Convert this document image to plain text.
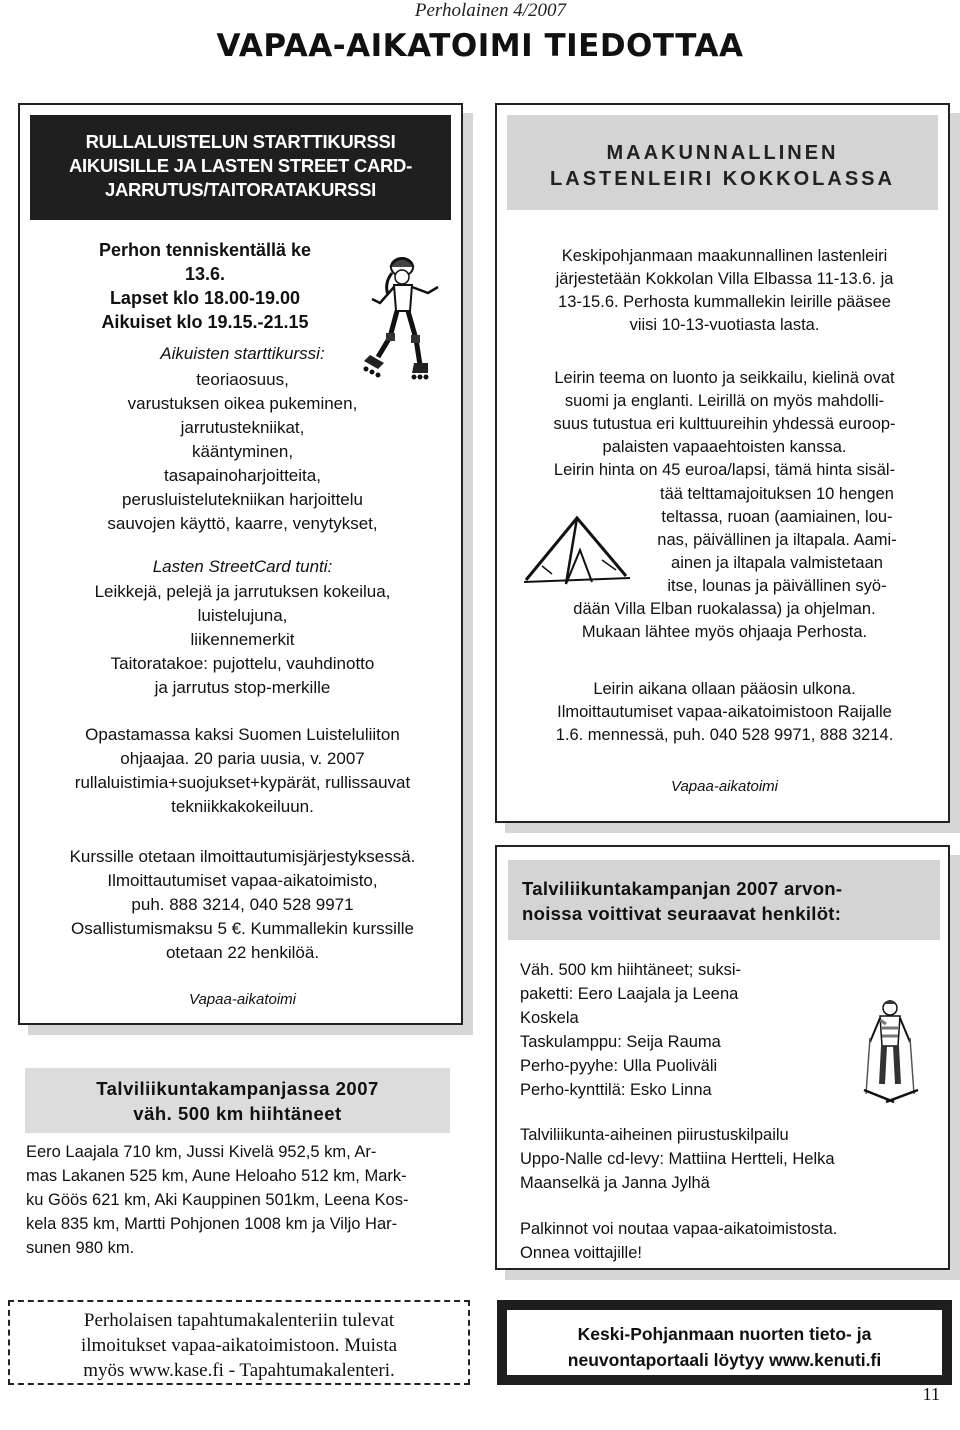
Perholainen 4/2007
VAPAA-AIKATOIMI TIEDOTTAA
RULLALUISTELUN STARTTIKURSSI
AIKUISILLE JA LASTEN STREET CARD-
JARRUTUS/TAITORATAKURSSI
Perhon tenniskentällä ke 13.6.
Lapset klo 18.00-19.00
Aikuiset klo 19.15.-21.15
Aikuisten starttikurssi:
teoriaosuus,
varustuksen oikea pukeminen,
jarrutustekniikat,
kääntyminen,
tasapainoharjoitteita,
perusluistelutekniikan harjoittelu
sauvojen käyttö, kaarre, venytykset,
Lasten StreetCard tunti:
Leikkejä, pelejä ja jarrutuksen kokeilua,
luistelujuna,
liikennemerkit
Taitoratakoe: pujottelu, vauhdinotto
ja jarrutus stop-merkille
Opastamassa kaksi Suomen Luisteluliiton
ohjaajaa. 20 paria uusia, v. 2007
rullaluistimia+suojukset+kypärät, rullissauvat
tekniikkakokeiluun.
Kurssille otetaan ilmoittautumisjärjestyksessä.
Ilmoittautumiset vapaa-aikatoimisto,
puh. 888 3214, 040 528 9971
Osallistumismaksu 5 €. Kummallekin kurssille
otetaan 22 henkilöä.
Vapaa-aikatoimi
MAAKUNNALLINEN
LASTENLEIRI KOKKOLASSA
Keskipohjanmaan maakunnallinen lastenleiri
järjestetään Kokkolan Villa Elbassa 11-13.6. ja
13-15.6. Perhosta kummallekin leirille pääsee
viisi 10-13-vuotiasta lasta.
Leirin teema on luonto ja seikkailu, kielinä ovat
suomi ja englanti. Leirillä on myös mahdolli-
suus tutustua eri kulttuureihin yhdessä euroop-
palaisten vapaaehtoisten kanssa.
Leirin hinta on 45 euroa/lapsi, tämä hinta sisäl-
tää telttamajoituksen 10 hengen
teltassa, ruoan (aamiainen, lou-
nas, päivällinen ja iltapala. Aami-
ainen ja iltapala valmistetaan
itse, lounas ja päivällinen syö-
dään Villa Elban ruokalassa) ja ohjelman.
Mukaan lähtee myös ohjaaja Perhosta.
Leirin aikana ollaan pääosin ulkona.
Ilmoittautumiset vapaa-aikatoimistoon Raijalle
1.6. mennessä, puh. 040 528 9971, 888 3214.
Vapaa-aikatoimi
Talviliikuntakampanjassa 2007
väh. 500 km hiihtäneet
Eero Laajala 710 km, Jussi Kivelä 952,5 km, Ar-
mas Lakanen 525 km, Aune Heloaho 512 km, Mark-
ku Göös 621 km, Aki Kauppinen 501km, Leena Kos-
kela 835 km, Martti Pohjonen 1008 km ja Viljo Har-
sunen 980 km.
Talviliikuntakampanjan 2007 arvon-
noissa voittivat seuraavat henkilöt:
Väh. 500 km hiihtäneet; suksi-
paketti: Eero Laajala ja Leena
Koskela
Taskulamppu: Seija Rauma
Perho-pyyhe: Ulla Puoliväli
Perho-kynttilä: Esko Linna
Talviliikunta-aiheinen piirustuskilpailu
Uppo-Nalle cd-levy: Mattiina Hertteli, Helka
Maanselkä ja Janna Jylhä
Palkinnot voi noutaa vapaa-aikatoimistosta.
Onnea voittajille!
Perholaisen tapahtumakalenteriin tulevat
ilmoitukset vapaa-aikatoimistoon. Muista
myös www.kase.fi - Tapahtumakalenteri.
Keski-Pohjanmaan nuorten tieto- ja
neuvontaportaali löytyy www.kenuti.fi
11
